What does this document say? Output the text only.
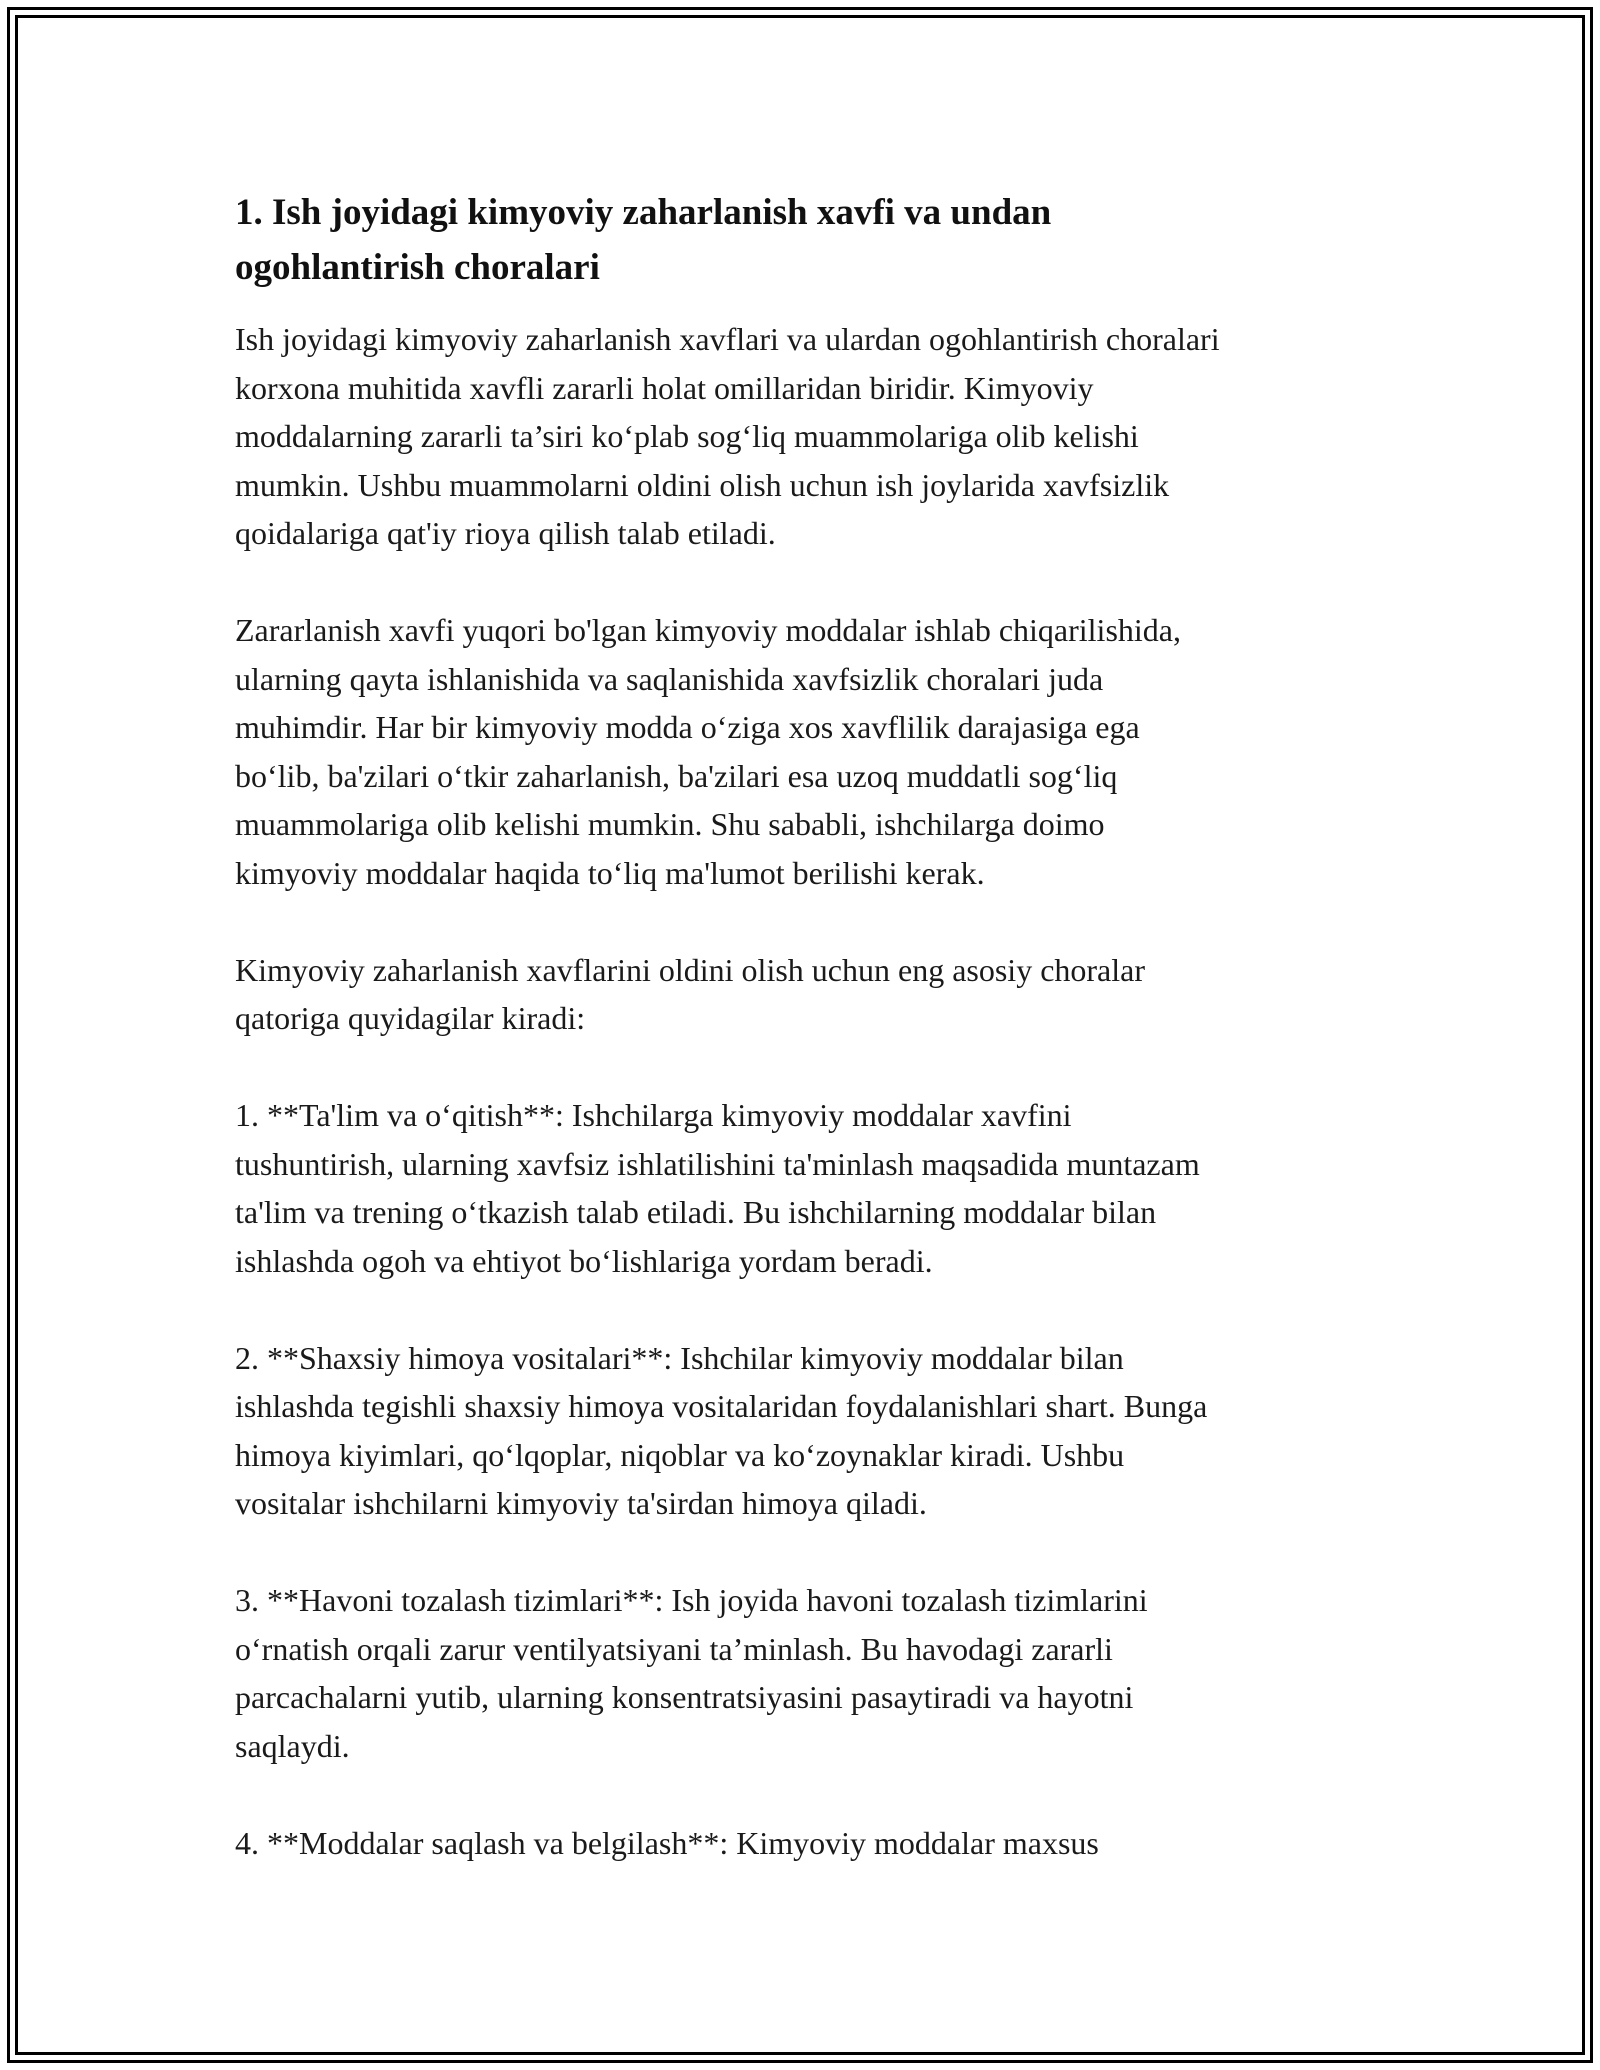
1. Ish joyidagi kimyoviy zaharlanish xavfi va undan
ogohlantirish choralari

Ish joyidagi kimyoviy zaharlanish xavflari va ulardan ogohlantirish choralari
korxona muhitida xavfli zararli holat omillaridan biridir. Kimyoviy
moddalarning zararli ta’siri ko‘plab sog‘liq muammolariga olib kelishi
mumkin. Ushbu muammolarni oldini olish uchun ish joylarida xavfsizlik
qoidalariga qat'iy rioya qilish talab etiladi.

Zararlanish xavfi yuqori bo'lgan kimyoviy moddalar ishlab chiqarilishida,
ularning qayta ishlanishida va saqlanishida xavfsizlik choralari juda
muhimdir. Har bir kimyoviy modda o‘ziga xos xavflilik darajasiga ega
bo‘lib, ba'zilari o‘tkir zaharlanish, ba'zilari esa uzoq muddatli sog‘liq
muammolariga olib kelishi mumkin. Shu sababli, ishchilarga doimo
kimyoviy moddalar haqida to‘liq ma'lumot berilishi kerak.

Kimyoviy zaharlanish xavflarini oldini olish uchun eng asosiy choralar
qatoriga quyidagilar kiradi:

1. **Ta'lim va o‘qitish**: Ishchilarga kimyoviy moddalar xavfini
tushuntirish, ularning xavfsiz ishlatilishini ta'minlash maqsadida muntazam
ta'lim va trening o‘tkazish talab etiladi. Bu ishchilarning moddalar bilan
ishlashda ogoh va ehtiyot bo‘lishlariga yordam beradi.

2. **Shaxsiy himoya vositalari**: Ishchilar kimyoviy moddalar bilan
ishlashda tegishli shaxsiy himoya vositalaridan foydalanishlari shart. Bunga
himoya kiyimlari, qo‘lqoplar, niqoblar va ko‘zoynaklar kiradi. Ushbu
vositalar ishchilarni kimyoviy ta'sirdan himoya qiladi.

3. **Havoni tozalash tizimlari**: Ish joyida havoni tozalash tizimlarini
o‘rnatish orqali zarur ventilyatsiyani ta’minlash. Bu havodagi zararli
parcachalarni yutib, ularning konsentratsiyasini pasaytiradi va hayotni
saqlaydi.

4. **Moddalar saqlash va belgilash**: Kimyoviy moddalar maxsus
